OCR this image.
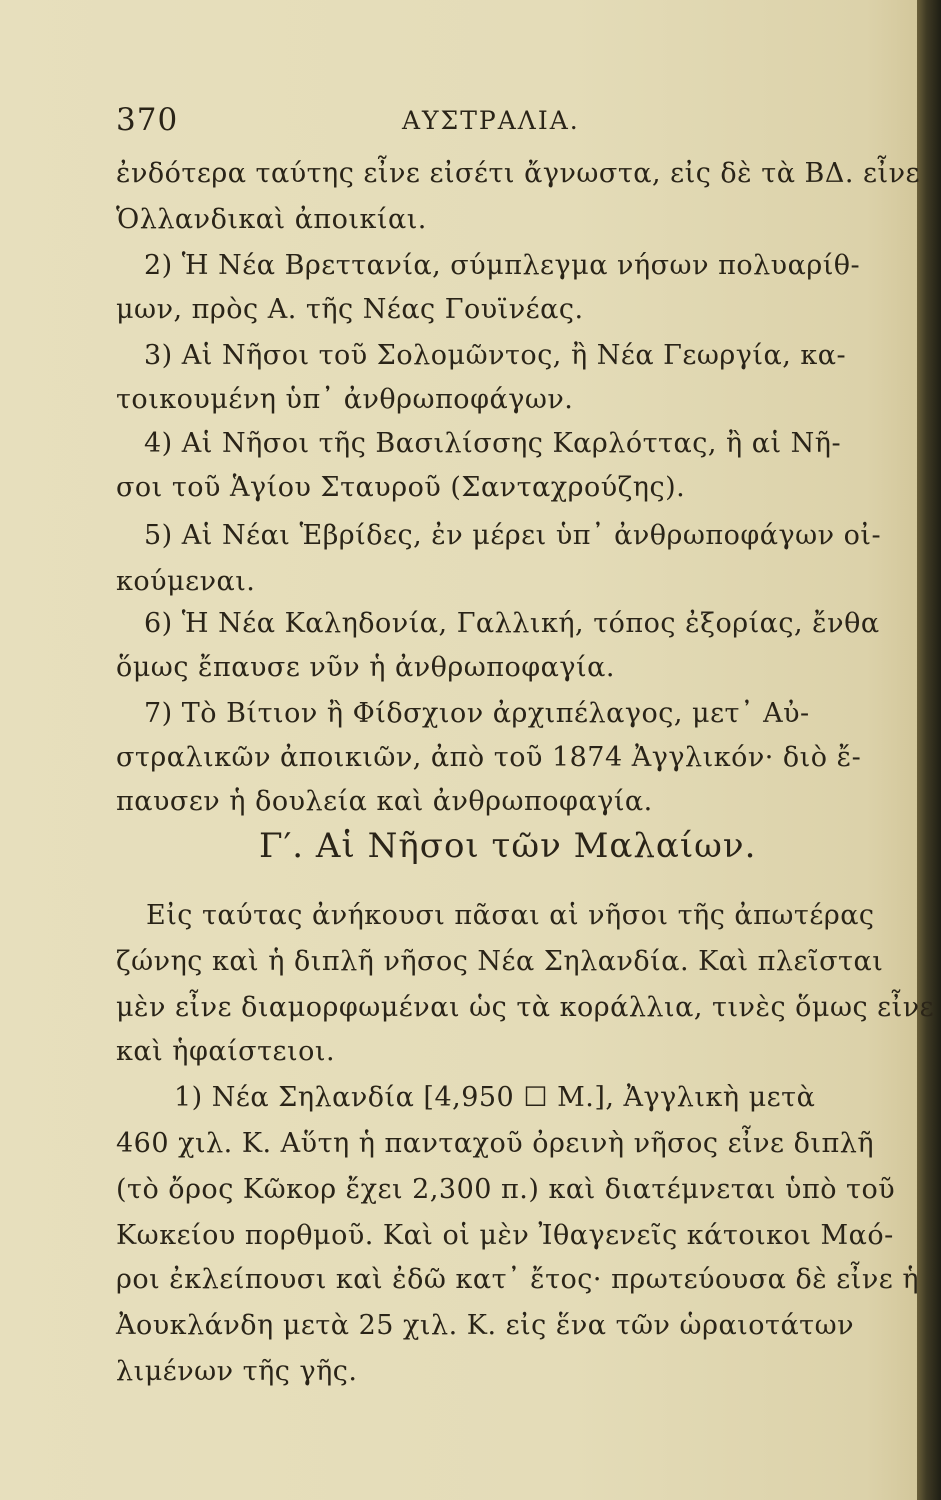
370	ΑΥΣΤΡΑΛΙΑ.
ἐνδότερα ταύτης εἶνε εἰσέτι ἄγνωστα, εἰς δὲ τὰ ΒΔ. εἶνε
Ὁλλανδικαὶ ἀποικίαι.
2) Ἡ Νέα Βρεττανία, σύμπλεγμα νήσων πολυαρίθ-
μων, πρὸς Α. τῆς Νέας Γουϊνέας.
3) Αἱ Νῆσοι τοῦ Σολομῶντος, ἢ Νέα Γεωργία, κα-
τοικουμένη ὑπ᾽ ἀνθρωποφάγων.
4) Αἱ Νῆσοι τῆς Βασιλίσσης Καρλόττας, ἢ αἱ Νῆ-
σοι τοῦ Ἁγίου Σταυροῦ (Σανταχρούζης).
5) Αἱ Νέαι Ἑβρίδες, ἐν μέρει ὑπ᾽ ἀνθρωποφάγων οἰ-
κούμεναι.
6) Ἡ Νέα Καληδονία, Γαλλική, τόπος ἐξορίας, ἔνθα
ὅμως ἔπαυσε νῦν ἡ ἀνθρωποφαγία.
7) Τὸ Βίτιον ἢ Φίδσχιον ἀρχιπέλαγος, μετ᾽ Αὐ-
στραλικῶν ἀποικιῶν, ἀπὸ τοῦ 1874 Ἀγγλικόν· διὸ ἔ-
παυσεν ἡ δουλεία καὶ ἀνθρωποφαγία.
Γ′. Αἱ Νῆσοι τῶν Μαλαίων.
Εἰς ταύτας ἀνήκουσι πᾶσαι αἱ νῆσοι τῆς ἀπωτέρας
ζώνης καὶ ἡ διπλῆ νῆσος Νέα Σηλανδία. Καὶ πλεῖσται
μὲν εἶνε διαμορφωμέναι ὡς τὰ κοράλλια, τινὲς ὅμως εἶνε
καὶ ἡφαίστειοι.
1) Νέα Σηλανδία [4,950 ☐ Μ.], Ἀγγλικὴ μετὰ
460 χιλ. Κ. Αὕτη ἡ πανταχοῦ ὀρεινὴ νῆσος εἶνε διπλῆ
(τὸ ὄρος Κῶκορ ἔχει 2,300 π.) καὶ διατέμνεται ὑπὸ τοῦ
Κωκείου πορθμοῦ. Καὶ οἱ μὲν Ἰθαγενεῖς κάτοικοι Μαό-
ροι ἐκλείπουσι καὶ ἐδῶ κατ᾽ ἔτος· πρωτεύουσα δὲ εἶνε ἡ
Ἀουκλάνδη μετὰ 25 χιλ. Κ. εἰς ἕνα τῶν ὡραιοτάτων
λιμένων τῆς γῆς.
